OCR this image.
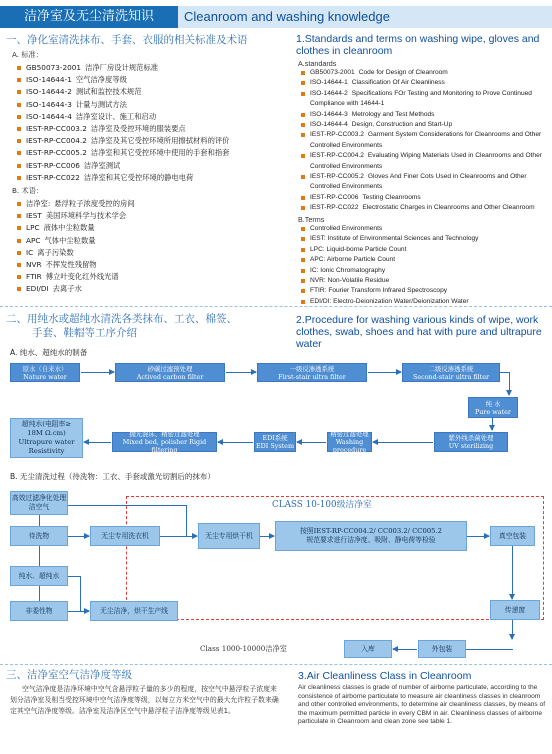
洁净室及无尘清洗知识	Cleanroom and washing knowledge
一、净化室清洗抹布、手套、衣服的相关标准及术语	1.Standards and terms on washing wipe, gloves and clothes in cleanroom
A. 标准：
GB50073-2001 洁净厂房设计规范标准
ISO-14644-1 空气洁净度等级
ISO-14644-2 测试和监控技术规范
ISO-14644-3 计量与测试方法
ISO-14644-4 洁净室设计、施工和启动
IEST-RP-CC003.2 洁净室及受控环境的服装要点
IEST-RP-CC004.2 洁净室及其它受控环境所用擦拭材料的评价
IEST-RP-CC005.2 洁净室和其它受控环境中使用的手套和指套
IEST-RP-CC006 洁净室测试
IEST-RP-CC022 洁净室和其它受控环境的静电电荷
B. 术语：
洁净室: 悬浮粒子浓度受控的房间
IEST 美国环境科学与技术学会
LPC 液体中尘粒数量
APC 气体中尘粒数量
IC 离子污染数
NVR 不挥发性残留物
FTIR 傅立叶变化红外线光谱
EDI/DI 去离子水
A.standards
GB50073-2001 Code for Design of Cleanroom
ISO-14644-1 Classification Of Air Cleanliness
ISO-14644-2 Specifications FOr Testing and Monitoring to Prove Continued Compliance with 14644-1
ISO-14644-3 Metrology and Test Methods
ISO-14644-4 Design, Construction and Start-Up
IEST-RP-CC003.2 Garment System Considerations for Cleanrooms and Other Controlled Environments
IEST-RP-CC004.2 Evaluating Wiping Materials Used in Cleanrooms and Other Controlled Environments
IEST-RP-CC005.2 Gloves And Finer Cots Used in Cleanrooms and Other Controlled Environments
IEST-RP-CC006 Testing Cleanrooms
IEST-RP-CC022 Electrostatic Charges in Cleanrooms and Other Cleanroom
B.Terms
Controlled Environments
IEST: Institute of Environmental Sciences and Technology
LPC: Liquid-borne Particle Count
APC: Airborne Particle Count
IC: Ionic Chromatography
NVR: Non-Volatile Residue
FTIR: Fourier Transform Infrared Spectroscopy
EDI/DI: Electro-Deionization Water/Deionization Water
二、用纯水或超纯水清洗各类抹布、工衣、棉签、
手套、鞋帽等工序介绍
2.Procedure for washing various kinds of wipe, work clothes, swab, shoes and hat with pure and ultrapure water
A. 纯水、超纯水的制备
原水（自来水）
Nature water
砂碳过滤预处理
Actived carbon filter
一级反渗透系统
First-stair ultra filter
二级反渗透系统
Second-stair ultra filter
纯 水
Pure water
紫外线杀菌处理
UV sterilizing
精密过滤处理
Washing procedure
EDI系统
EDI System
抛光混床、精密过滤处理
Mixed bed, polisher Rigid filtering
超纯水(电阻率≥
18M Ω.cm)
Ultrapure water
Resistivity
B. 无尘清洗过程（待洗物：工衣、手套或激光切割后的抹布）
CLASS 10-100级洁净室
高效过滤净化处理洁空气
待洗物
纯水、超纯水
非委性物
无尘专用洗衣机
无尘洁净，烘干生产线
无尘专用烘干机
按照IEST-RP-CC004.2/ CC003.2/ CC005.2
规范要求进行洁净度、吸附、静电荷等检验
真空包装
传递窗
外包装
入库
Class 1000-10000洁净室
三、洁净室空气洁净度等级	3.Air Cleanliness Class in Cleanroom
空气洁净度是洁净环境中空气含悬浮粒子量的多少的程度，按空气中悬浮粒子浓度来划分洁净室及相当受控环境中空气洁净度等级，以每立方米空气中的最大允许粒子数来确定其空气洁净度等级。洁净室及洁净区空气中悬浮粒子洁净度等级见表1。
Air cleanliness classes is grade of number of airborne particulate, according to the consistence of airborne particulate to measure air cleanliness classes in cleanroom and other controlled environments, to determine air cleanliness classes, by means of the maximum permitted particle in every CBM in air. Cleanliness classes of airborne particulate in Cleanroom and clean zone see table 1.
